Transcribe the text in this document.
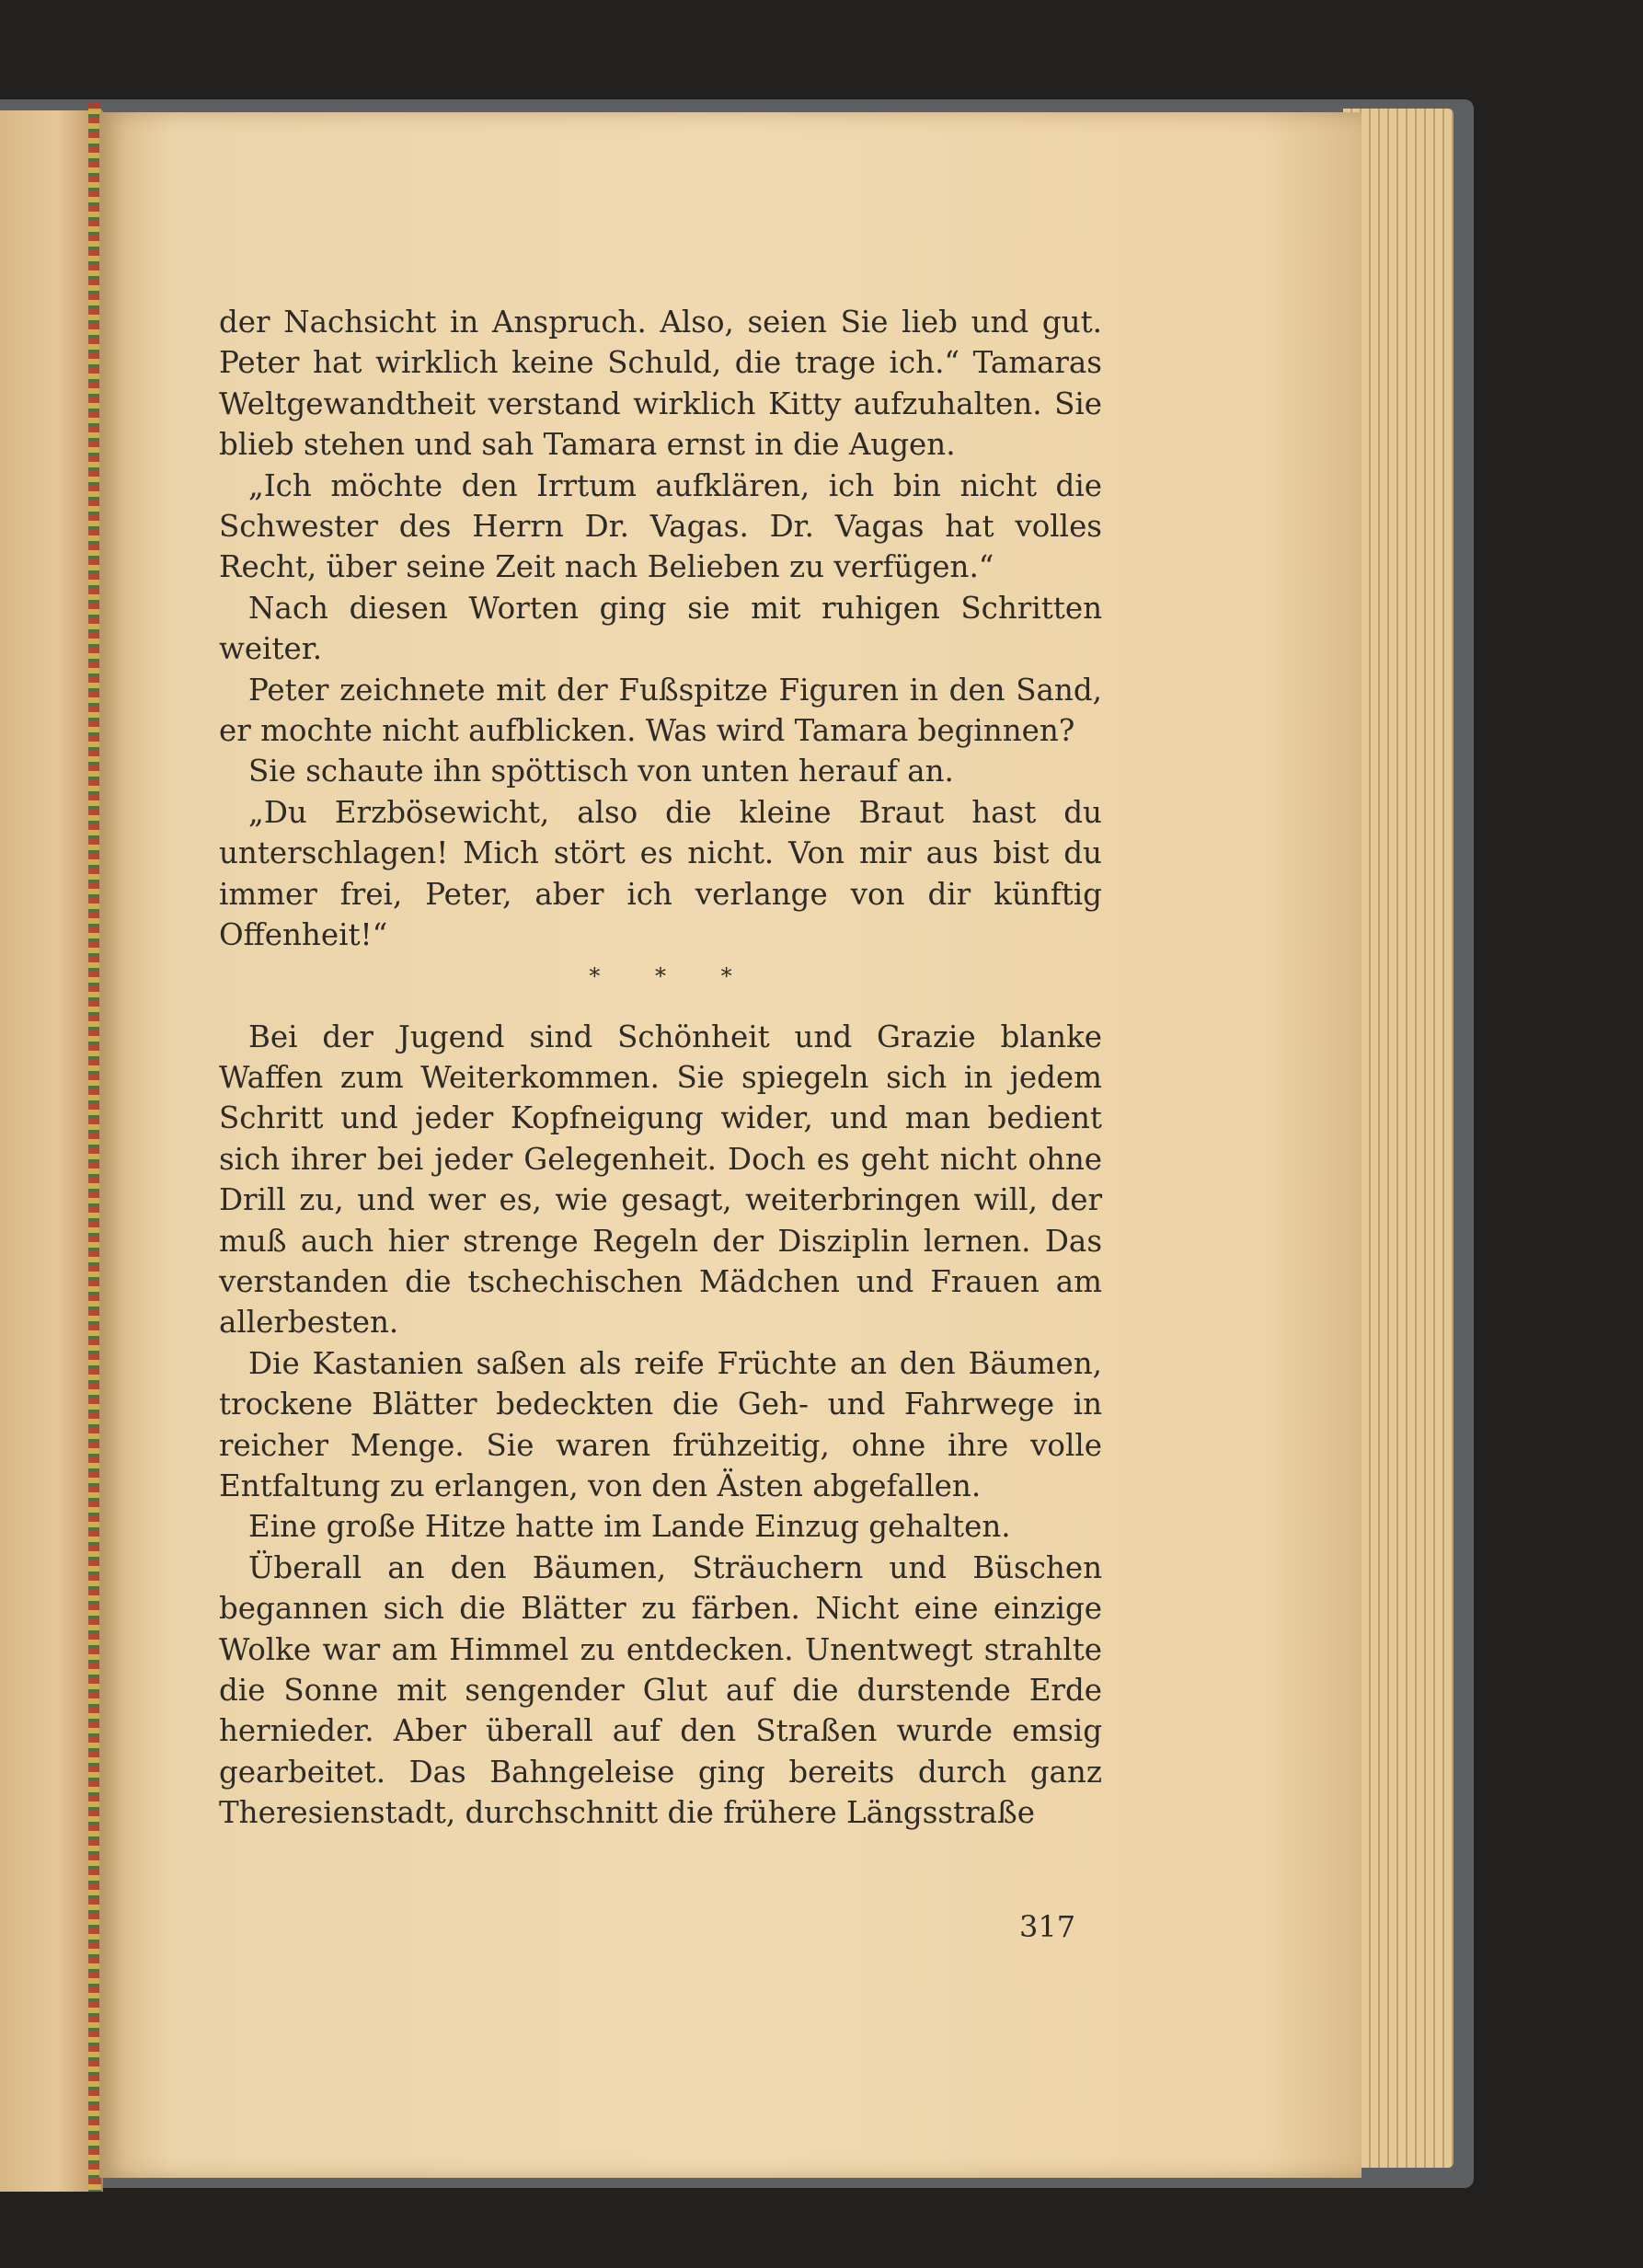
der Nachsicht in Anspruch. Also, seien Sie lieb und gut. Peter hat wirklich keine Schuld, die trage ich.“ Tamaras Weltgewandtheit verstand wirklich Kitty aufzuhalten. Sie blieb stehen und sah Tamara ernst in die Augen.

„Ich möchte den Irrtum aufklären, ich bin nicht die Schwester des Herrn Dr. Vagas. Dr. Vagas hat volles Recht, über seine Zeit nach Belieben zu verfügen.“

Nach diesen Worten ging sie mit ruhigen Schritten weiter.

Peter zeichnete mit der Fußspitze Figuren in den Sand, er mochte nicht aufblicken. Was wird Tamara beginnen?

Sie schaute ihn spöttisch von unten herauf an.

„Du Erzbösewicht, also die kleine Braut hast du unterschlagen! Mich stört es nicht. Von mir aus bist du immer frei, Peter, aber ich verlange von dir künftig Offenheit!“

* * *

Bei der Jugend sind Schönheit und Grazie blanke Waffen zum Weiterkommen. Sie spiegeln sich in jedem Schritt und jeder Kopfneigung wider, und man bedient sich ihrer bei jeder Gelegenheit. Doch es geht nicht ohne Drill zu, und wer es, wie gesagt, weiterbringen will, der muß auch hier strenge Regeln der Disziplin lernen. Das verstanden die tschechischen Mädchen und Frauen am allerbesten.

Die Kastanien saßen als reife Früchte an den Bäumen, trockene Blätter bedeckten die Geh- und Fahrwege in reicher Menge. Sie waren frühzeitig, ohne ihre volle Entfaltung zu erlangen, von den Ästen abgefallen.

Eine große Hitze hatte im Lande Einzug gehalten.

Überall an den Bäumen, Sträuchern und Büschen begannen sich die Blätter zu färben. Nicht eine einzige Wolke war am Himmel zu entdecken. Unentwegt strahlte die Sonne mit sengender Glut auf die durstende Erde hernieder. Aber überall auf den Straßen wurde emsig gearbeitet. Das Bahngeleise ging bereits durch ganz Theresienstadt, durchschnitt die frühere Längsstraße

317
